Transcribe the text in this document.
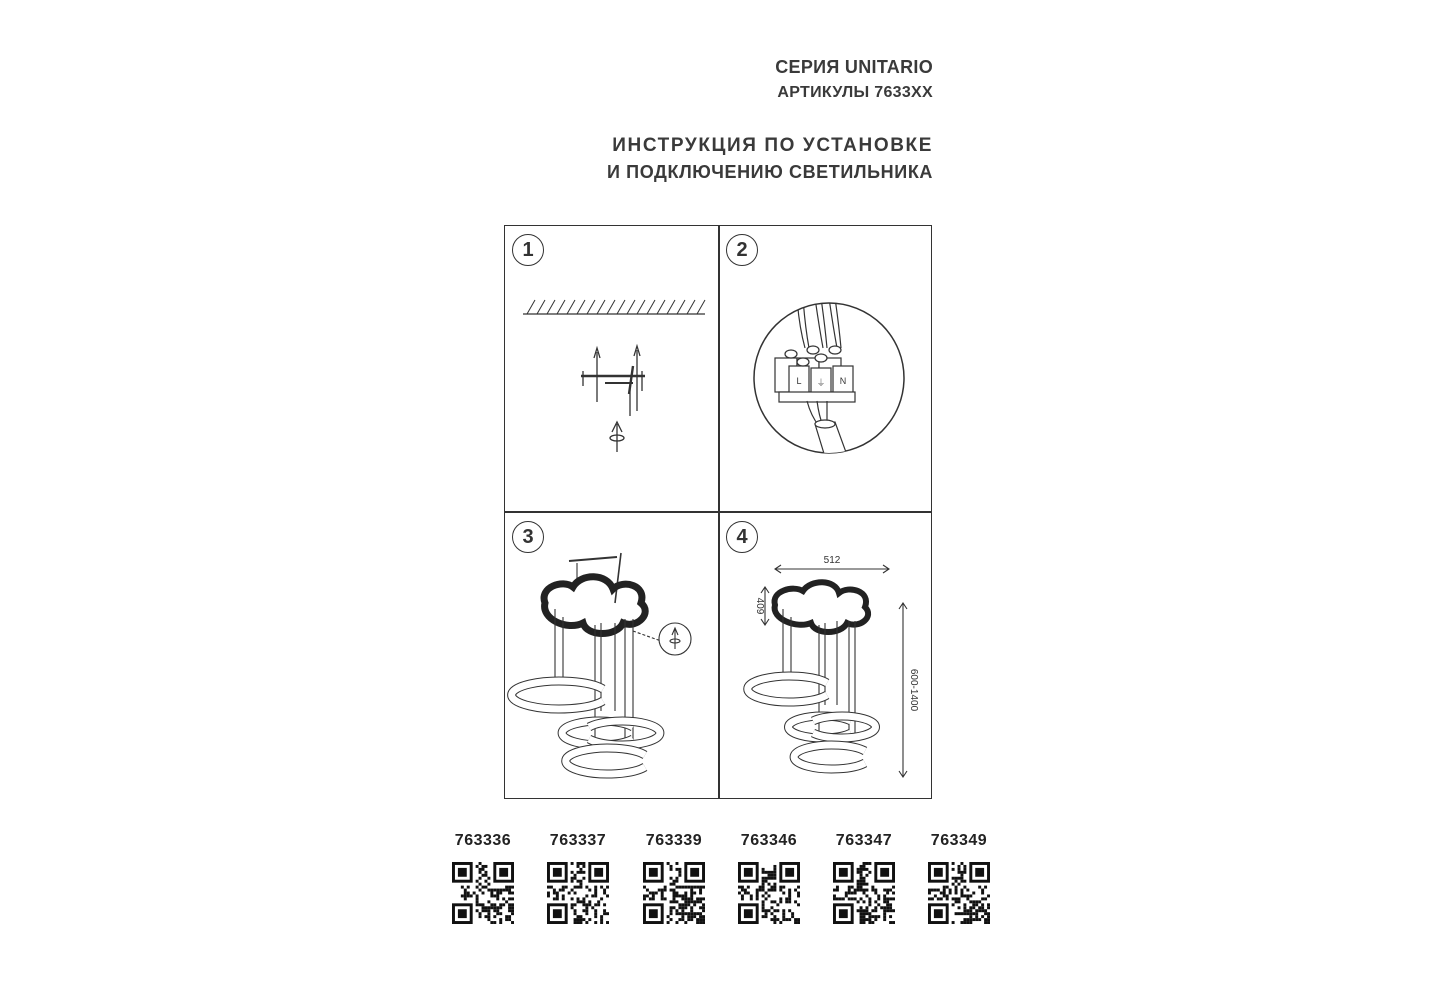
СЕРИЯ UNITARIO
АРТИКУЛЫ 7633XX
ИНСТРУКЦИЯ ПО УСТАНОВКЕ
И ПОДКЛЮЧЕНИЮ СВЕТИЛЬНИКА
1	2
L ⏚ N
3	4
512
409
600-1400
763336	763337	763339	763346	763347	763349
